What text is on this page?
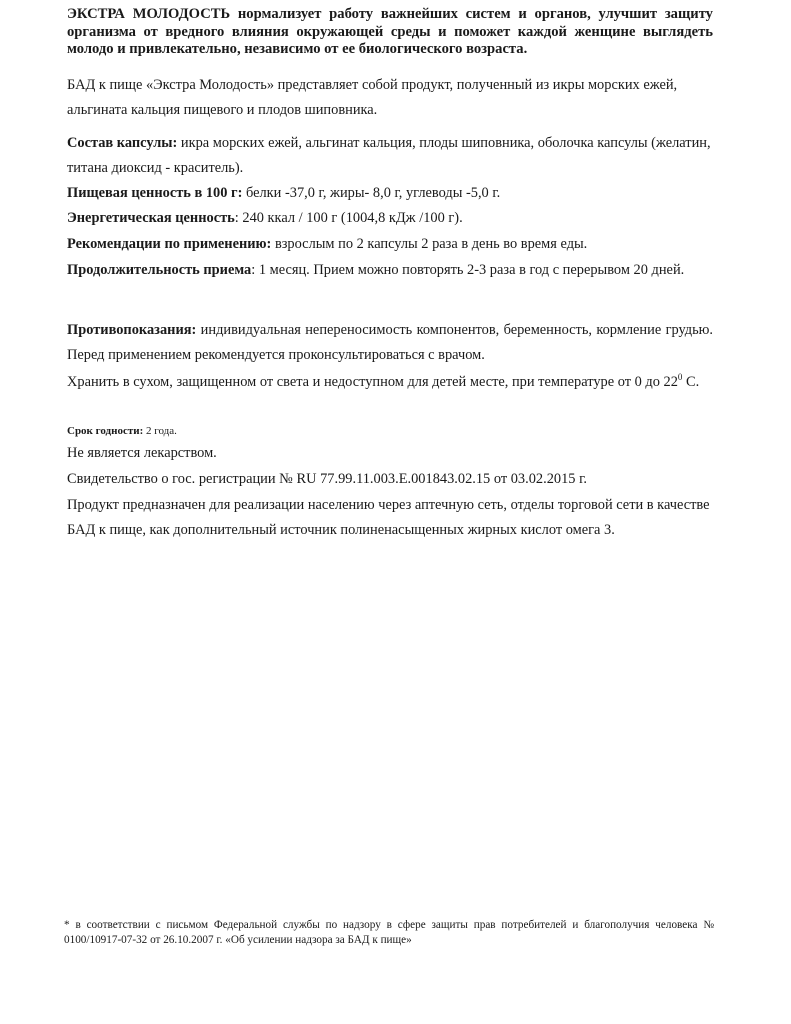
ЭКСТРА МОЛОДОСТЬ нормализует работу важнейших систем и органов, улучшит защиту организма от вредного влияния окружающей среды и поможет каждой женщине выглядеть молодо и привлекательно, независимо от ее биологического возраста.

БАД к пище «Экстра Молодость» представляет собой продукт, полученный из икры морских ежей, альгината кальция пищевого и плодов шиповника.

Состав капсулы: икра морских ежей, альгинат кальция, плоды шиповника, оболочка капсулы (желатин, титана диоксид - краситель).

Пищевая ценность в 100 г: белки -37,0 г, жиры- 8,0 г, углеводы -5,0 г.

Энергетическая ценность: 240 ккал / 100 г (1004,8 кДж /100 г).

Рекомендации по применению: взрослым по 2 капсулы 2 раза в день во время еды.

Продолжительность приема: 1 месяц. Прием можно повторять 2-3 раза в год с перерывом 20 дней.

Противопоказания: индивидуальная непереносимость компонентов, беременность, кормление грудью. Перед применением рекомендуется проконсультироваться с врачом.

Хранить в сухом, защищенном от света и недоступном для детей месте, при температуре от 0 до $22^0$ С.

Срок годности: 2 года.

Не является лекарством.

Свидетельство о гос. регистрации № RU 77.99.11.003.Е.001843.02.15 от 03.02.2015 г.

Продукт предназначен для реализации населению через аптечную сеть, отделы торговой сети в качестве БАД к пище, как дополнительный источник полиненасыщенных жирных кислот омега 3.

* в соответствии с письмом Федеральной службы по надзору в сфере защиты прав потребителей и благополучия человека № 0100/10917-07-32 от 26.10.2007 г. «Об усилении надзора за БАД к пище»
